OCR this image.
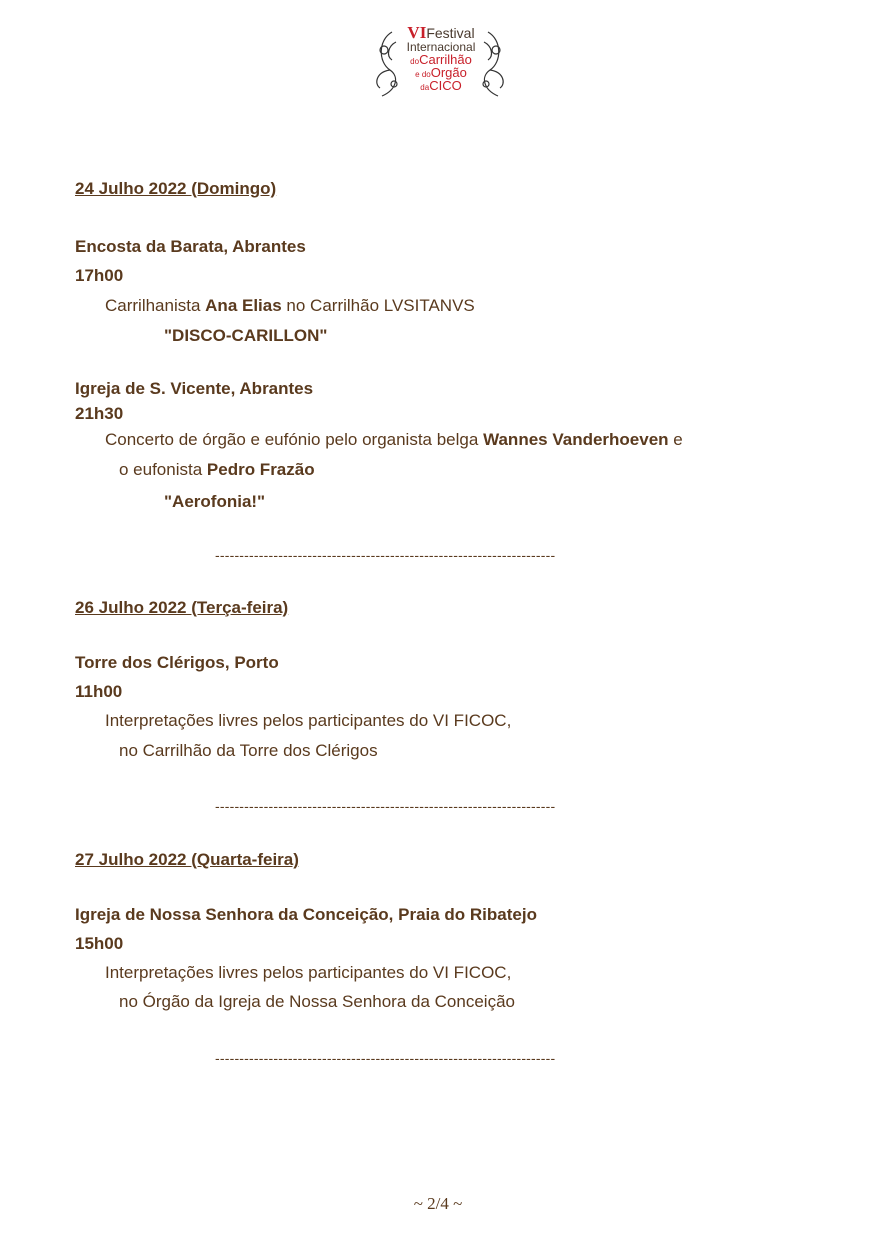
VIFestival
Internacional
doCarrilhão
e doOrgão
daCICO
24 Julho 2022 (Domingo)
Encosta da Barata, Abrantes
17h00
Carrilhanista Ana Elias no Carrilhão LVSITANVS
"DISCO-CARILLON"
Igreja de S. Vicente, Abrantes
21h30
Concerto de órgão e eufónio pelo organista belga Wannes Vanderhoeven e
o eufonista Pedro Frazão
"Aerofonia!"
----------------------------------------------------------------------
26 Julho 2022 (Terça-feira)
Torre dos Clérigos, Porto
11h00
Interpretações livres pelos participantes do VI FICOC,
no Carrilhão da Torre dos Clérigos
----------------------------------------------------------------------
27 Julho 2022 (Quarta-feira)
Igreja de Nossa Senhora da Conceição, Praia do Ribatejo
15h00
Interpretações livres pelos participantes do VI FICOC,
no Órgão da Igreja de Nossa Senhora da Conceição
----------------------------------------------------------------------
~ 2/4 ~
